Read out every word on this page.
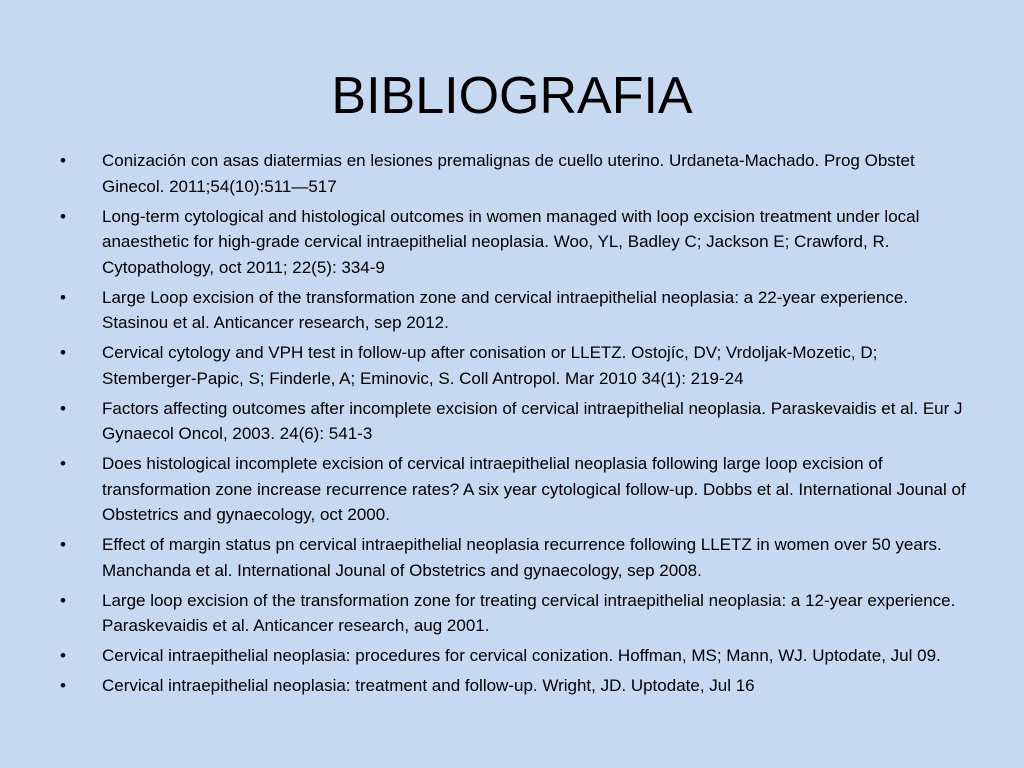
BIBLIOGRAFIA
• Conización con asas diatermias en lesiones premalignas de cuello uterino. Urdaneta-Machado. Prog Obstet Ginecol. 2011;54(10):511—517
• Long-term cytological and histological outcomes in women managed with loop excision treatment under local anaesthetic for high-grade cervical intraepithelial neoplasia. Woo, YL, Badley C; Jackson E; Crawford, R. Cytopathology, oct 2011; 22(5): 334-9
• Large Loop excision of the transformation zone and cervical intraepithelial neoplasia: a 22-year experience. Stasinou et al. Anticancer research, sep 2012.
• Cervical cytology and VPH test in follow-up after conisation or LLETZ. Ostojíc, DV; Vrdoljak-Mozetic, D; Stemberger-Papic, S; Finderle, A; Eminovic, S. Coll Antropol. Mar 2010 34(1): 219-24
• Factors affecting outcomes after incomplete excision of cervical intraepithelial neoplasia. Paraskevaidis et al. Eur J Gynaecol Oncol, 2003. 24(6): 541-3
• Does histological incomplete excision of cervical intraepithelial neoplasia following large loop excision of transformation zone increase recurrence rates? A six year cytological follow-up. Dobbs et al. International Jounal of Obstetrics and gynaecology, oct 2000.
• Effect of margin status pn cervical intraepithelial neoplasia recurrence following LLETZ in women over 50 years. Manchanda et al. International Jounal of Obstetrics and gynaecology, sep 2008.
• Large loop excision of the transformation zone for treating cervical intraepithelial neoplasia: a 12-year experience. Paraskevaidis et al. Anticancer research, aug 2001.
• Cervical intraepithelial neoplasia: procedures for cervical conization. Hoffman, MS; Mann, WJ. Uptodate, Jul 09.
• Cervical intraepithelial neoplasia: treatment and follow-up. Wright, JD. Uptodate, Jul 16
